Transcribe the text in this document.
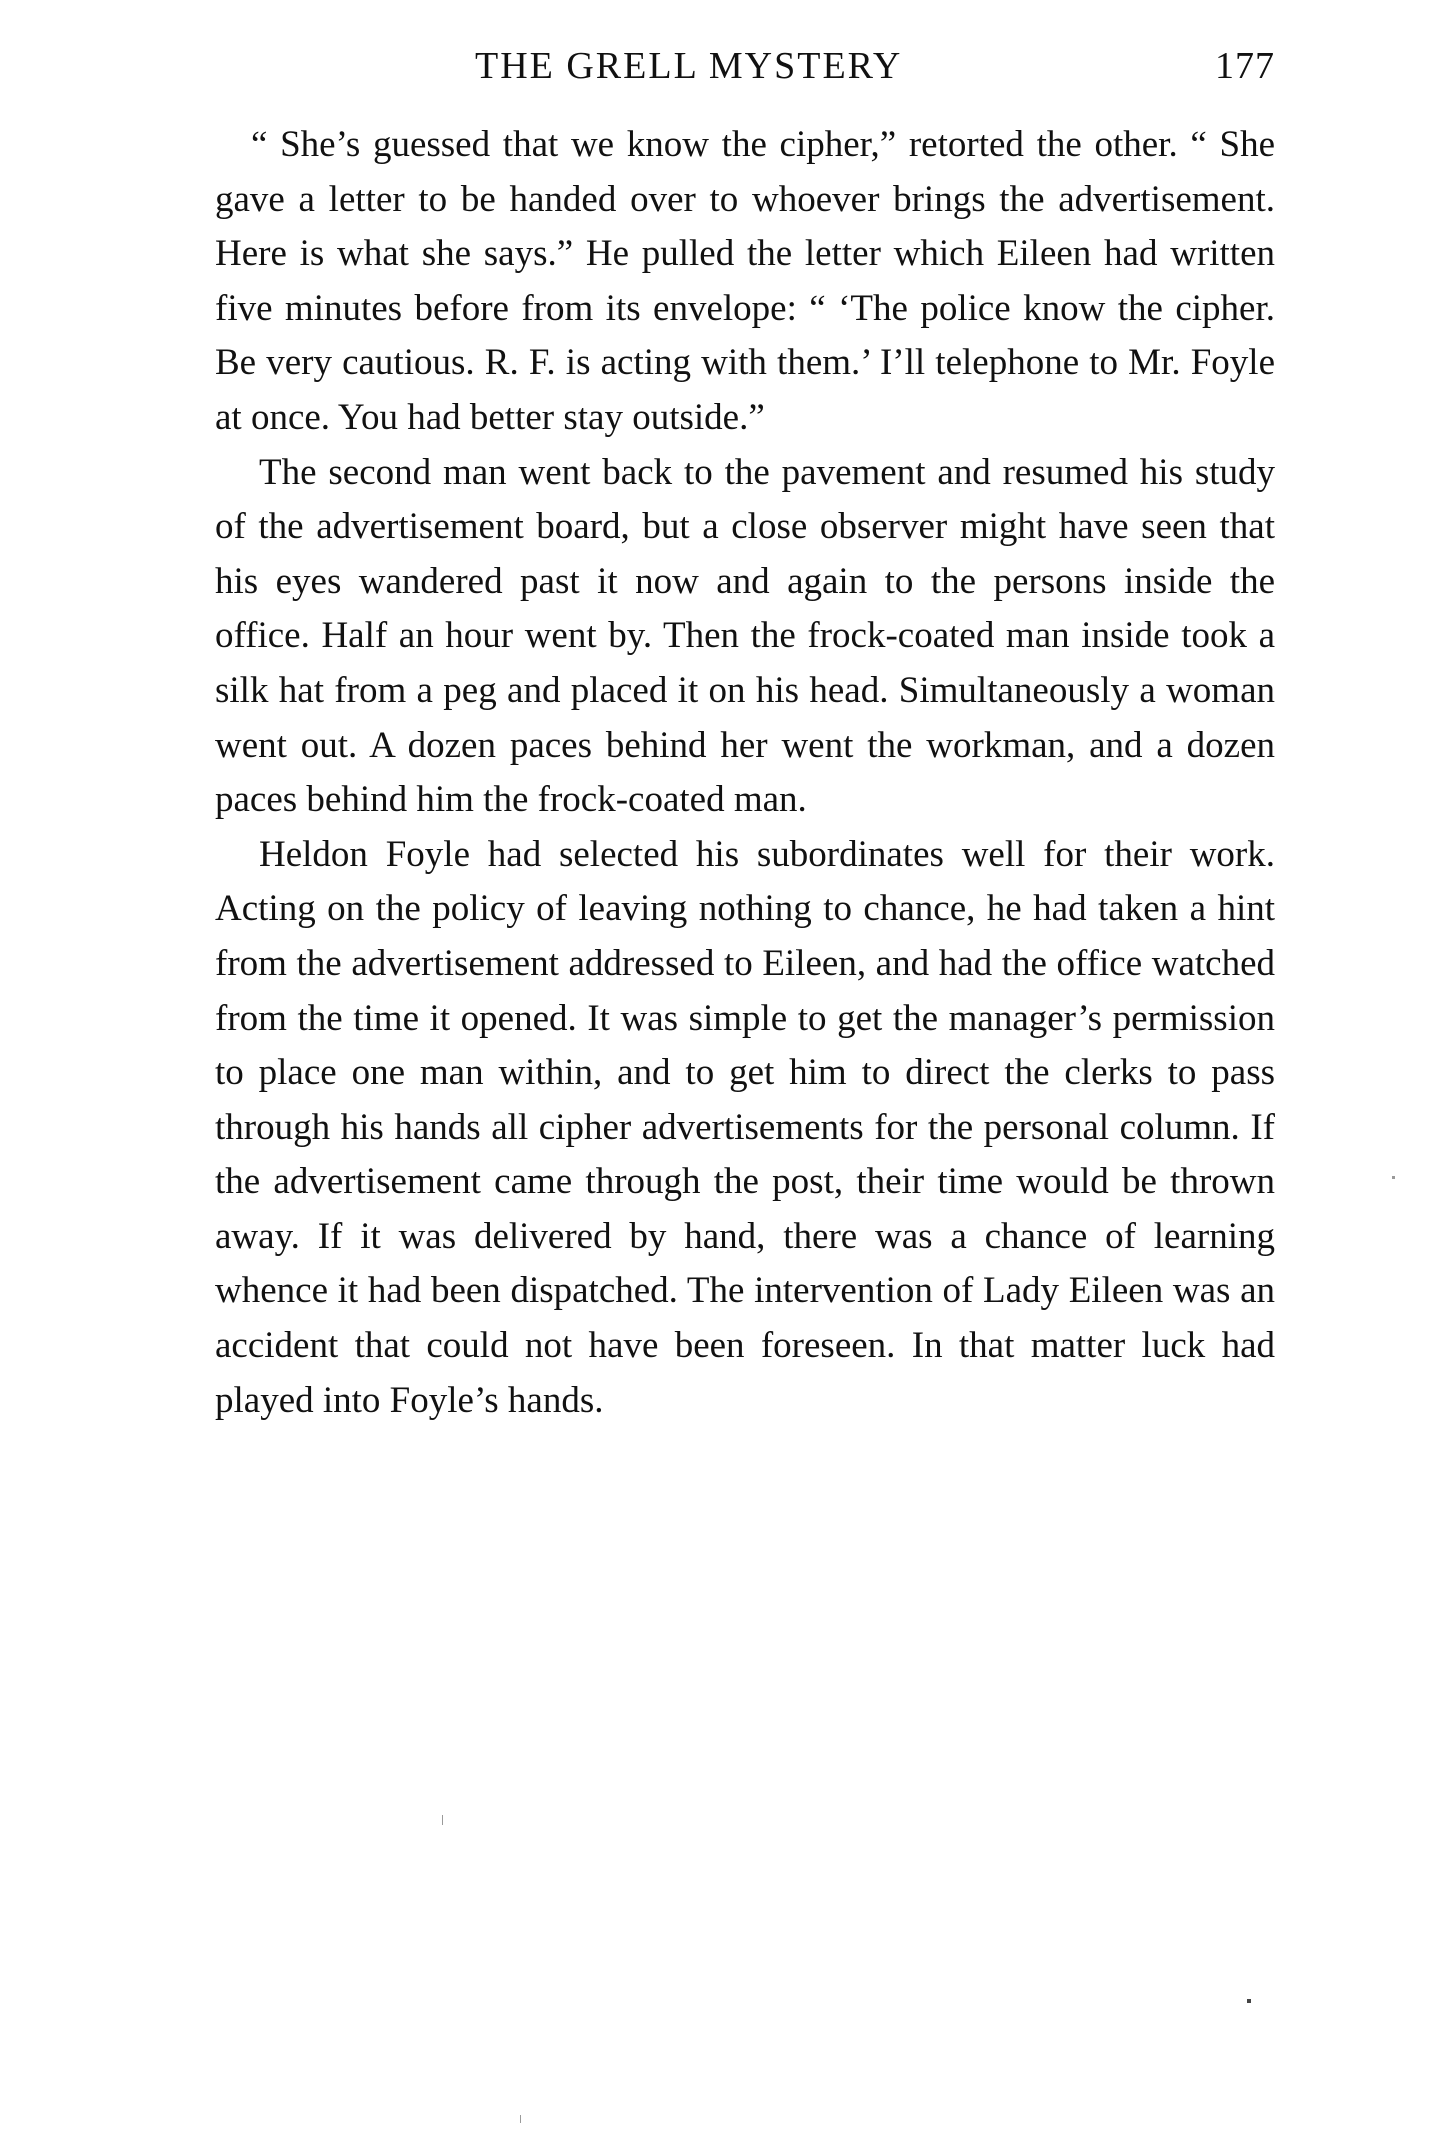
THE GRELL MYSTERY	177

“ She’s guessed that we know the cipher,” retorted the other. “ She gave a letter to be handed over to whoever brings the advertisement. Here is what she says.” He pulled the letter which Eileen had written five minutes before from its envelope: “ ‘The police know the cipher. Be very cautious. R. F. is acting with them.’ I’ll telephone to Mr. Foyle at once. You had better stay outside.”

The second man went back to the pavement and resumed his study of the advertisement board, but a close observer might have seen that his eyes wandered past it now and again to the persons inside the office. Half an hour went by. Then the frock-coated man inside took a silk hat from a peg and placed it on his head. Simultaneously a woman went out. A dozen paces behind her went the workman, and a dozen paces behind him the frock-coated man.

Heldon Foyle had selected his subordinates well for their work. Acting on the policy of leaving nothing to chance, he had taken a hint from the advertisement addressed to Eileen, and had the office watched from the time it opened. It was simple to get the manager’s permission to place one man within, and to get him to direct the clerks to pass through his hands all cipher advertisements for the personal column. If the advertisement came through the post, their time would be thrown away. If it was delivered by hand, there was a chance of learning whence it had been dispatched. The intervention of Lady Eileen was an accident that could not have been foreseen. In that matter luck had played into Foyle’s hands.
